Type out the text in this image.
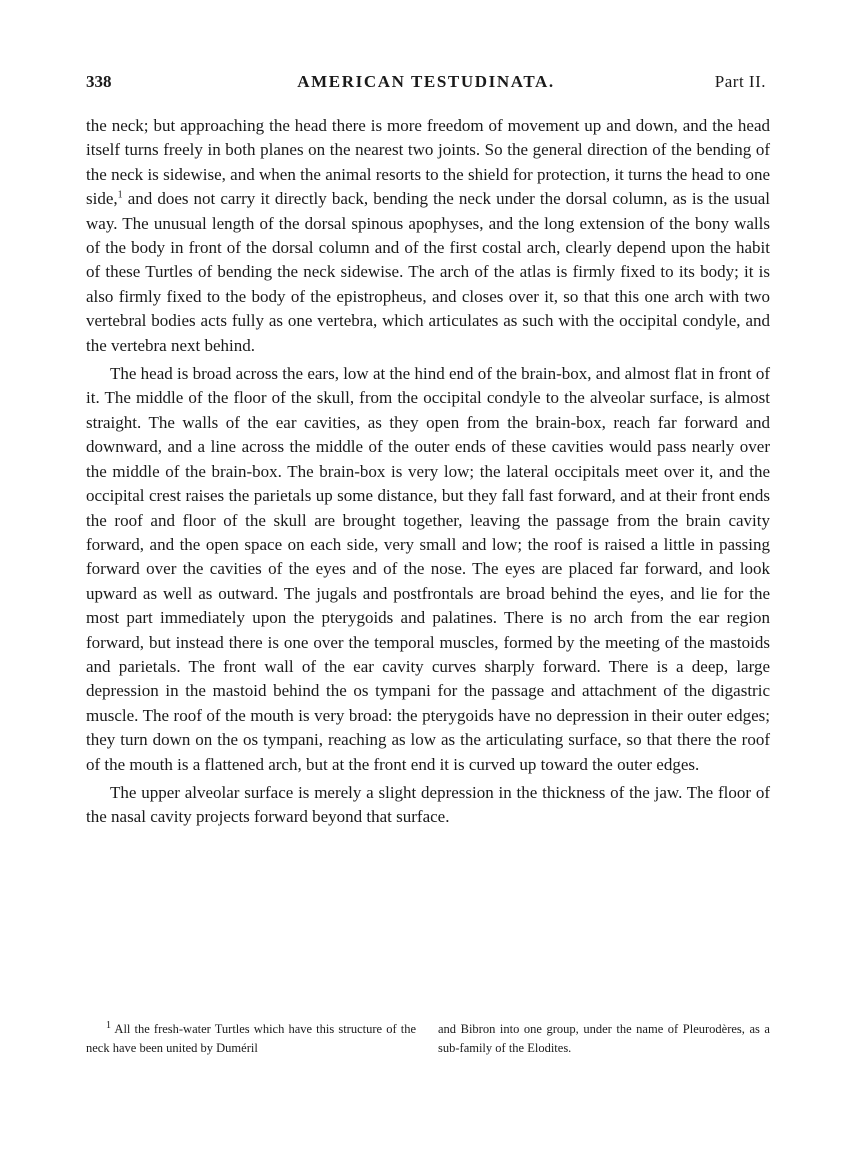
338	AMERICAN TESTUDINATA.	Part II.

the neck; but approaching the head there is more freedom of movement up and down, and the head itself turns freely in both planes on the nearest two joints. So the general direction of the bending of the neck is sidewise, and when the animal resorts to the shield for protection, it turns the head to one side,$^1$ and does not carry it directly back, bending the neck under the dorsal column, as is the usual way. The unusual length of the dorsal spinous apophyses, and the long extension of the bony walls of the body in front of the dorsal column and of the first costal arch, clearly depend upon the habit of these Turtles of bending the neck sidewise. The arch of the atlas is firmly fixed to its body; it is also firmly fixed to the body of the epistropheus, and closes over it, so that this one arch with two vertebral bodies acts fully as one vertebra, which articulates as such with the occipital condyle, and the vertebra next behind.

The head is broad across the ears, low at the hind end of the brain-box, and almost flat in front of it. The middle of the floor of the skull, from the occipital condyle to the alveolar surface, is almost straight. The walls of the ear cavities, as they open from the brain-box, reach far forward and downward, and a line across the middle of the outer ends of these cavities would pass nearly over the middle of the brain-box. The brain-box is very low; the lateral occipitals meet over it, and the occipital crest raises the parietals up some distance, but they fall fast forward, and at their front ends the roof and floor of the skull are brought together, leaving the passage from the brain cavity forward, and the open space on each side, very small and low; the roof is raised a little in passing forward over the cavities of the eyes and of the nose. The eyes are placed far forward, and look upward as well as outward. The jugals and postfrontals are broad behind the eyes, and lie for the most part immediately upon the pterygoids and palatines. There is no arch from the ear region forward, but instead there is one over the temporal muscles, formed by the meeting of the mastoids and parietals. The front wall of the ear cavity curves sharply forward. There is a deep, large depression in the mastoid behind the os tympani for the passage and attachment of the digastric muscle. The roof of the mouth is very broad: the pterygoids have no depression in their outer edges; they turn down on the os tympani, reaching as low as the articulating surface, so that there the roof of the mouth is a flattened arch, but at the front end it is curved up toward the outer edges.

The upper alveolar surface is merely a slight depression in the thickness of the jaw. The floor of the nasal cavity projects forward beyond that surface.

$^1$ All the fresh-water Turtles which have this structure of the neck have been united by Duméril

and Bibron into one group, under the name of Pleurodères, as a sub-family of the Elodites.
